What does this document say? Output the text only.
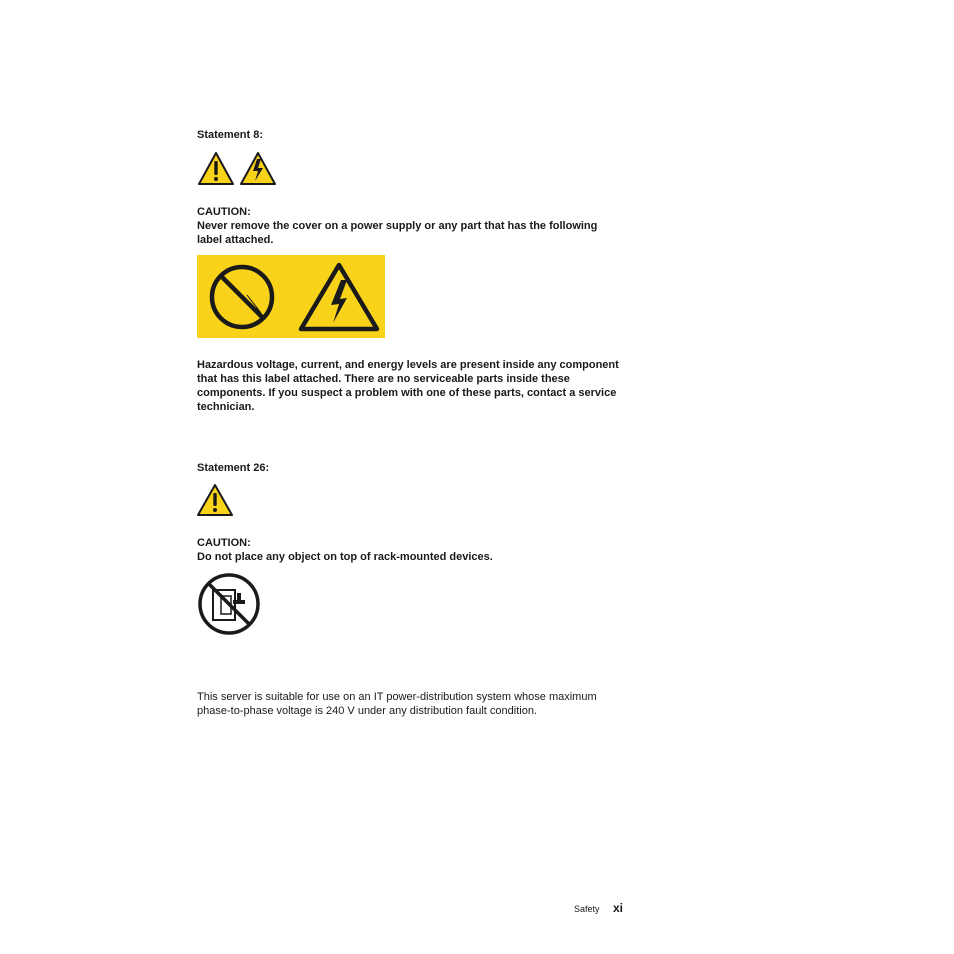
Statement 8:
CAUTION:
Never remove the cover on a power supply or any part that has the following label attached.
Hazardous voltage, current, and energy levels are present inside any component that has this label attached. There are no serviceable parts inside these components. If you suspect a problem with one of these parts, contact a service technician.
Statement 26:
CAUTION:
Do not place any object on top of rack-mounted devices.
This server is suitable for use on an IT power-distribution system whose maximum phase-to-phase voltage is 240 V under any distribution fault condition.
Safety xi
